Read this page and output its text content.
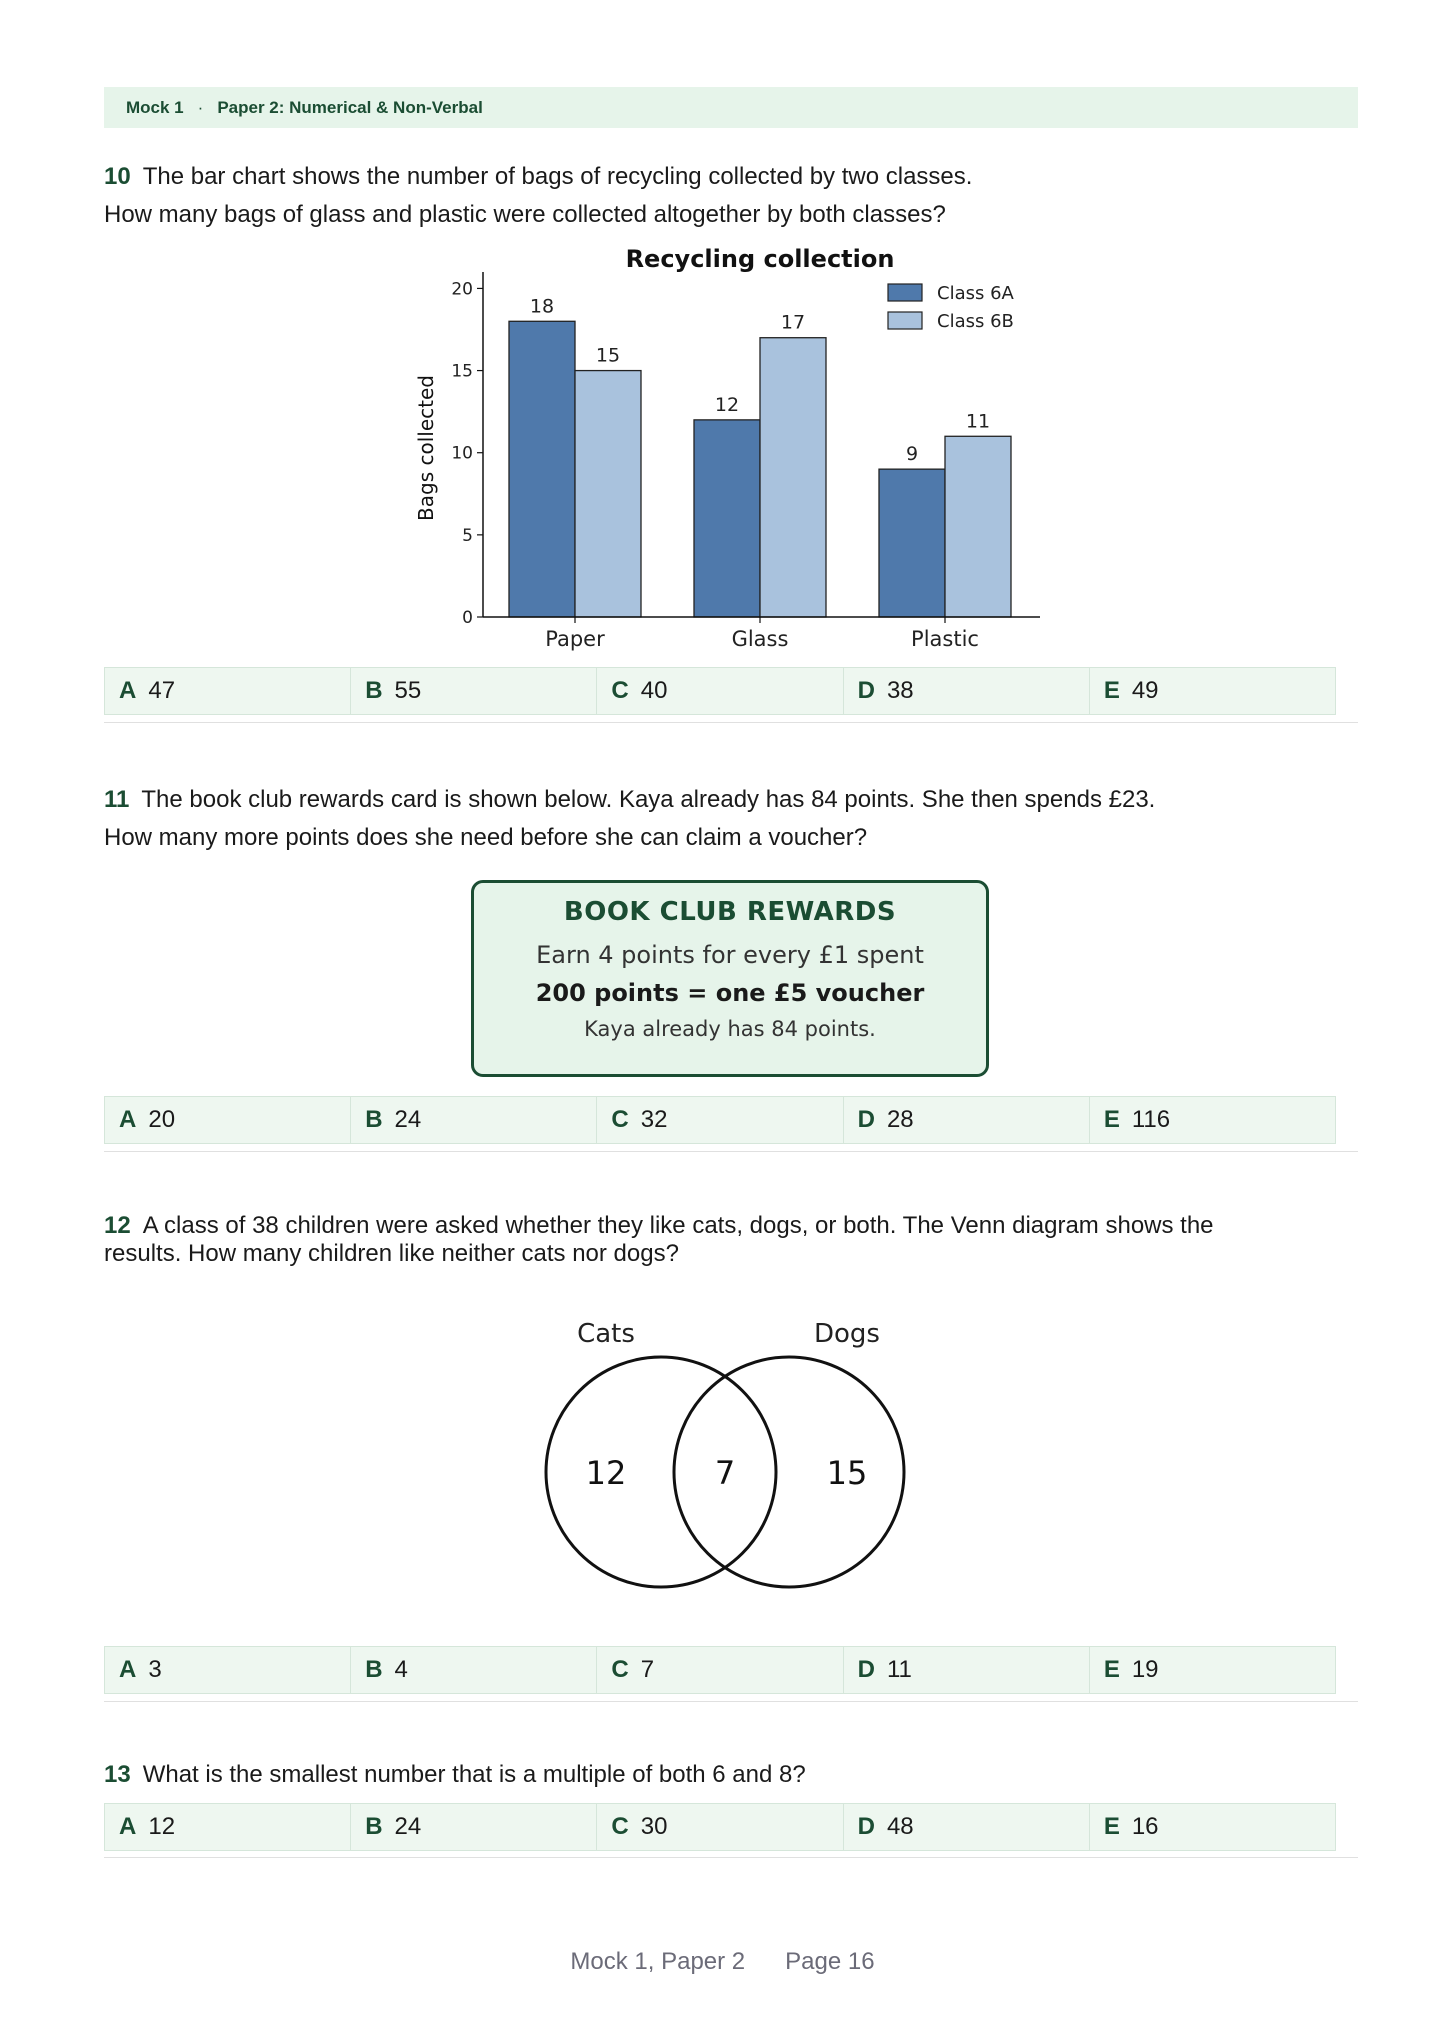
Mock 1 · Paper 2: Numerical & Non-Verbal
10 The bar chart shows the number of bags of recycling collected by two classes.
How many bags of glass and plastic were collected altogether by both classes?
Recycling collection
Bags collected
0
5
10
15
20
18
15
12
17
9
11
Paper	Glass	Plastic
Class 6A
Class 6B
A 47	B 55	C 40	D 38	E 49
11 The book club rewards card is shown below. Kaya already has 84 points. She then spends £23.
How many more points does she need before she can claim a voucher?
BOOK CLUB REWARDS
Earn 4 points for every £1 spent
200 points = one £5 voucher
Kaya already has 84 points.
A 20	B 24	C 32	D 28	E 116
12 A class of 38 children were asked whether they like cats, dogs, or both. The Venn diagram shows the
results. How many children like neither cats nor dogs?
Cats	Dogs
12	7	15
A 3	B 4	C 7	D 11	E 19
13 What is the smallest number that is a multiple of both 6 and 8?
A 12	B 24	C 30	D 48	E 16
Mock 1, Paper 2 Page 16
